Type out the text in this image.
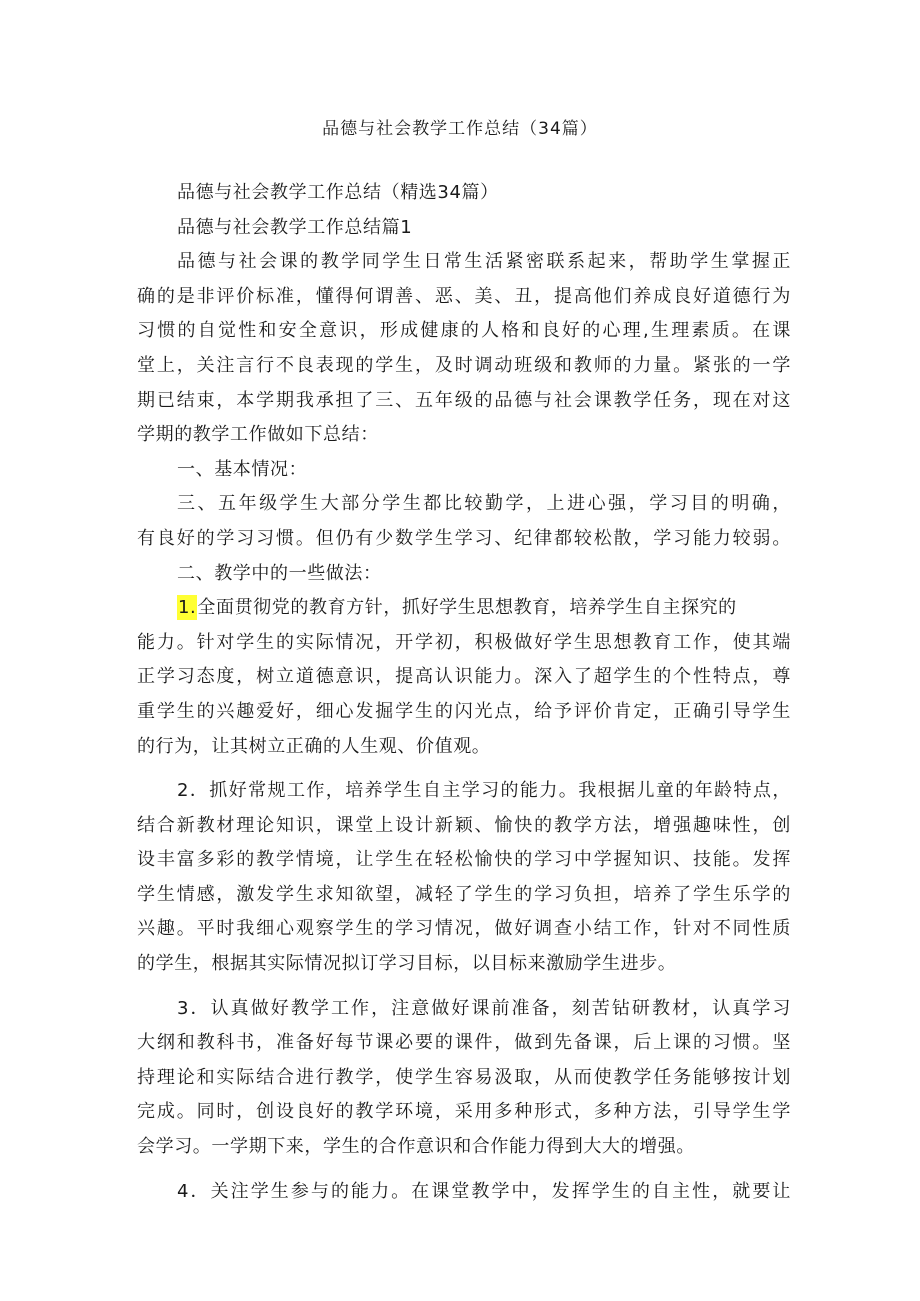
品德与社会教学工作总结（34篇）

品德与社会教学工作总结（精选34篇）

品德与社会教学工作总结篇1

品德与社会课的教学同学生日常生活紧密联系起来，帮助学生掌握正

确的是非评价标准，懂得何谓善、恶、美、丑，提高他们养成良好道德行为

习惯的自觉性和安全意识，形成健康的人格和良好的心理,生理素质。在课

堂上，关注言行不良表现的学生，及时调动班级和教师的力量。紧张的一学

期已结束，本学期我承担了三、五年级的品德与社会课教学任务，现在对这

学期的教学工作做如下总结：

一、基本情况：

三、五年级学生大部分学生都比较勤学，上进心强，学习目的明确，

有良好的学习习惯。但仍有少数学生学习、纪律都较松散，学习能力较弱。

二、教学中的一些做法：

1.全面贯彻党的教育方针，抓好学生思想教育，培养学生自主探究的

能力。针对学生的实际情况，开学初，积极做好学生思想教育工作，使其端

正学习态度，树立道德意识，提高认识能力。深入了超学生的个性特点，尊

重学生的兴趣爱好，细心发掘学生的闪光点，给予评价肯定，正确引导学生

的行为，让其树立正确的人生观、价值观。

2．抓好常规工作，培养学生自主学习的能力。我根据儿童的年龄特点，

结合新教材理论知识，课堂上设计新颖、愉快的教学方法，增强趣味性，创

设丰富多彩的教学情境，让学生在轻松愉快的学习中学握知识、技能。发挥

学生情感，激发学生求知欲望，减轻了学生的学习负担，培养了学生乐学的

兴趣。平时我细心观察学生的学习情况，做好调查小结工作，针对不同性质

的学生，根据其实际情况拟订学习目标，以目标来激励学生进步。

3．认真做好教学工作，注意做好课前准备，刻苦钻研教材，认真学习

大纲和教科书，准备好每节课必要的课件，做到先备课，后上课的习惯。坚

持理论和实际结合进行教学，使学生容易汲取，从而使教学任务能够按计划

完成。同时，创设良好的教学环境，采用多种形式，多种方法，引导学生学

会学习。一学期下来，学生的合作意识和合作能力得到大大的增强。

4．关注学生参与的能力。在课堂教学中，发挥学生的自主性，就要让
